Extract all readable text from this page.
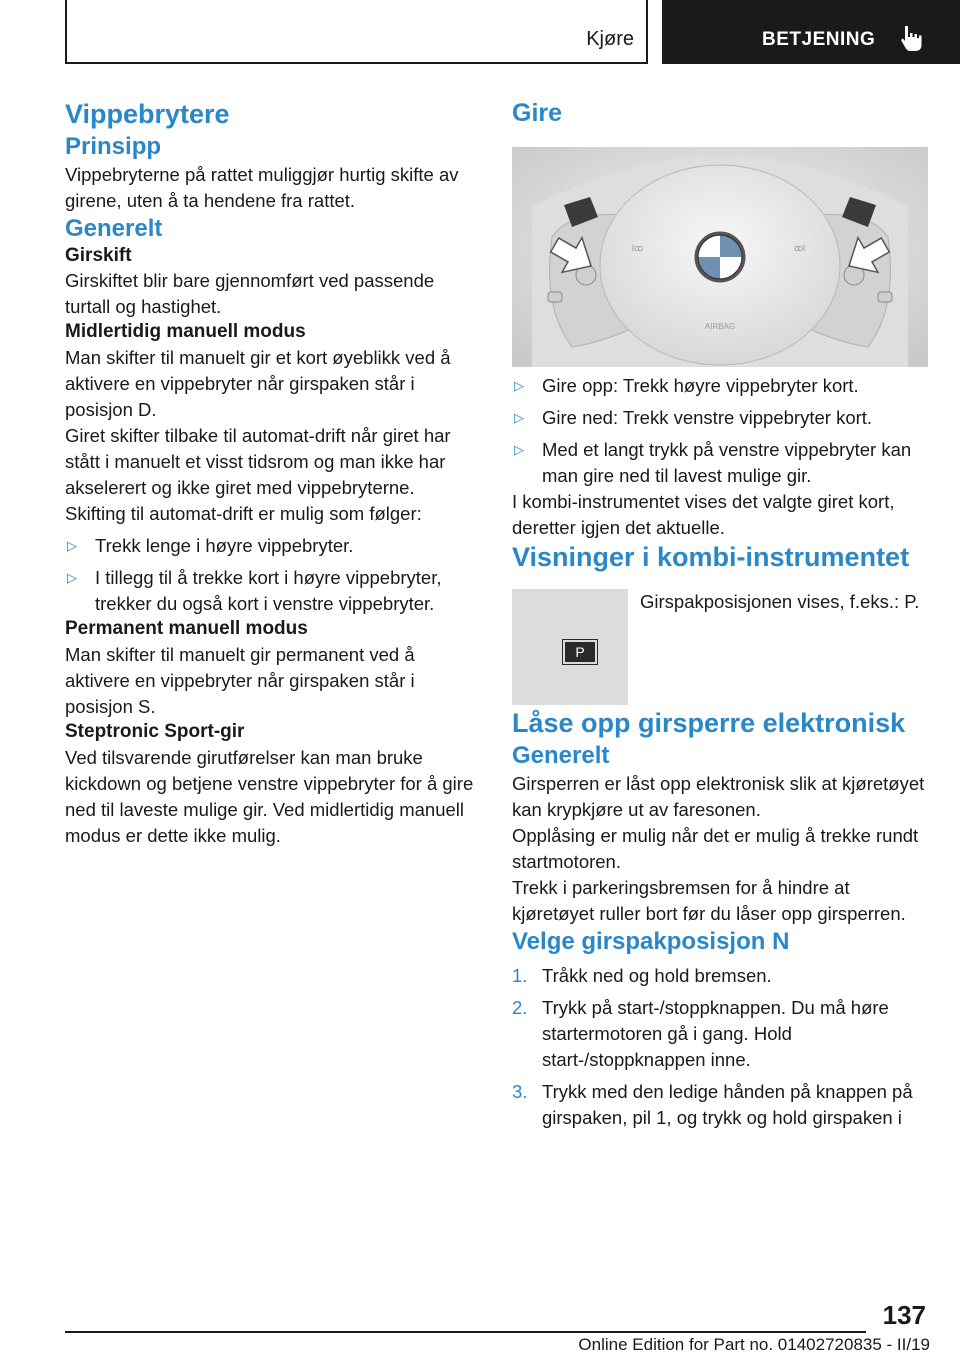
Kjøre	BETJENING
Vippebrytere
Prinsipp

Vippebryterne på rattet muliggjør hurtig skifte av girene, uten å ta hendene fra rattet.

Generelt
Girskift

Girskiftet blir bare gjennomført ved passende turtall og hastighet.

Midlertidig manuell modus

Man skifter til manuelt gir et kort øyeblikk ved å aktivere en vippebryter når girspaken står i posisjon D.

Giret skifter tilbake til automat-drift når giret har stått i manuelt et visst tidsrom og man ikke har akselerert og ikke giret med vippebryterne.

Skifting til automat-drift er mulig som følger:

▷ Trekk lenge i høyre vippebryter.
▷ I tillegg til å trekke kort i høyre vippebryter, trekker du også kort i venstre vippebryter.
Permanent manuell modus

Man skifter til manuelt gir permanent ved å aktivere en vippebryter når girspaken står i posisjon S.

Steptronic Sport-gir

Ved tilsvarende girutførelser kan man bruke kickdown og betjene venstre vippebryter for å gire ned til laveste mulige gir. Ved midlertidig manuell modus er dette ikke mulig.

Gire
AIRBAG
lꝏ	ꝏl
▷ Gire opp: Trekk høyre vippebryter kort.
▷ Gire ned: Trekk venstre vippebryter kort.
▷ Med et langt trykk på venstre vippebryter kan man gire ned til lavest mulige gir.

I kombi-instrumentet vises det valgte giret kort, deretter igjen det aktuelle.

Visninger i kombi-instrumentet
P
Girspakposisjonen vises, f.eks.: P.
Låse opp girsperre elektronisk
Generelt

Girsperren er låst opp elektronisk slik at kjøretøyet kan krypkjøre ut av faresonen.

Opplåsing er mulig når det er mulig å trekke rundt startmotoren.

Trekk i parkeringsbremsen for å hindre at kjøretøyet ruller bort før du låser opp girsperren.

Velge girspakposisjon N
1. Tråkk ned og hold bremsen.
2. Trykk på start-/stoppknappen. Du må høre startermotoren gå i gang. Hold start-/stoppknappen inne.
3. Trykk med den ledige hånden på knappen på girspaken, pil 1, og trykk og hold girspaken i
137
Online Edition for Part no. 01402720835 - II/19
